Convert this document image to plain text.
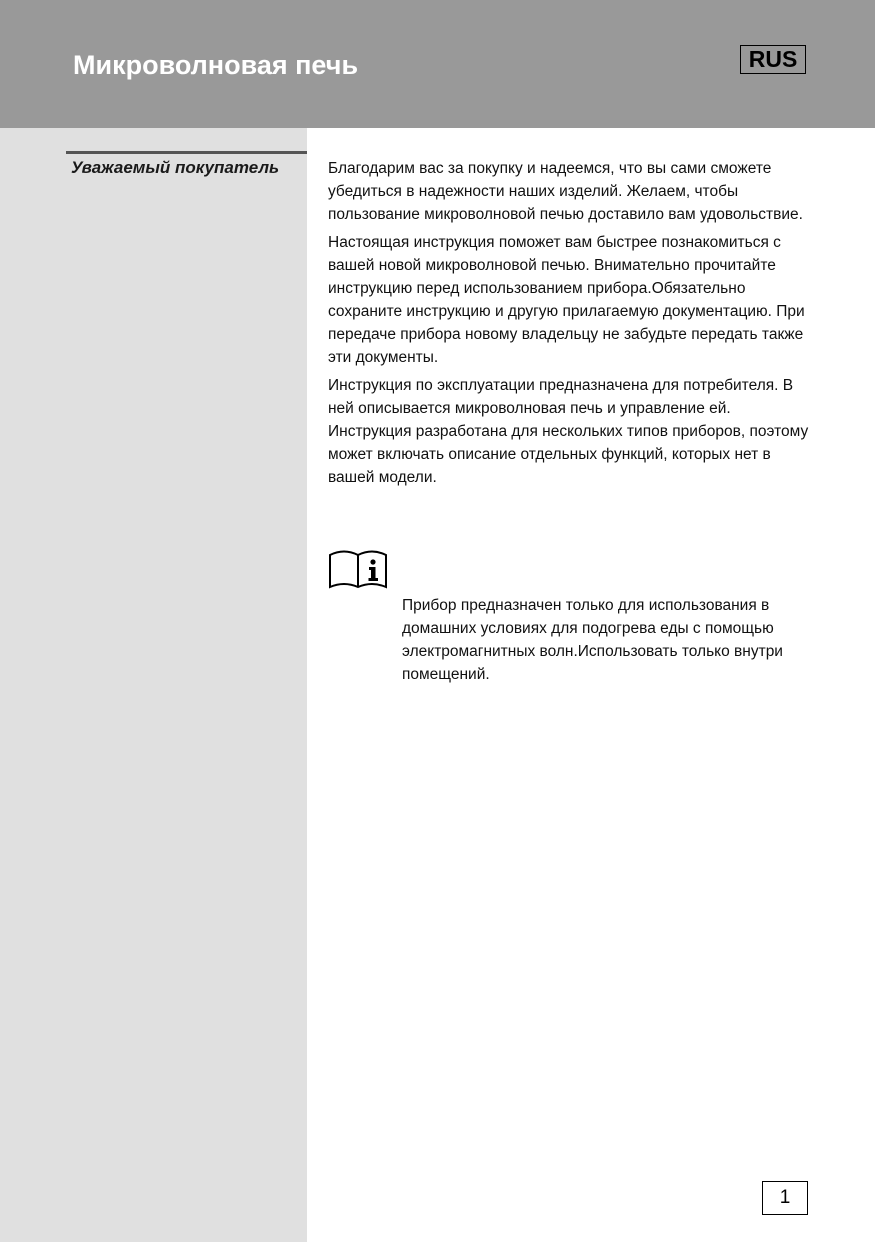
Микроволновая печь	RUS
Уважаемый покупатель	Благодарим вас за покупку и надеемся, что вы сами сможете убедиться в надежности наших изделий. Желаем, чтобы пользование микроволновой печью доставило вам удовольствие.

Настоящая инструкция поможет вам быстрее познакомиться с вашей новой микроволновой печью. Внимательно прочитайте инструкцию перед использованием прибора.Обязательно сохраните инструкцию и другую прилагаемую документацию. При передаче прибора новому владельцу не забудьте передать также эти документы.

Инструкция по эксплуатации предназначена для потребителя. В ней описывается микроволновая печь и управление ей. Инструкция разработана для нескольких типов приборов, поэтому может включать описание отдельных функций, которых нет в вашей модели.

Прибор предназначен только для использования в домашних условиях для подогрева еды с помощью электромагнитных волн.Использовать только внутри помещений.

1
